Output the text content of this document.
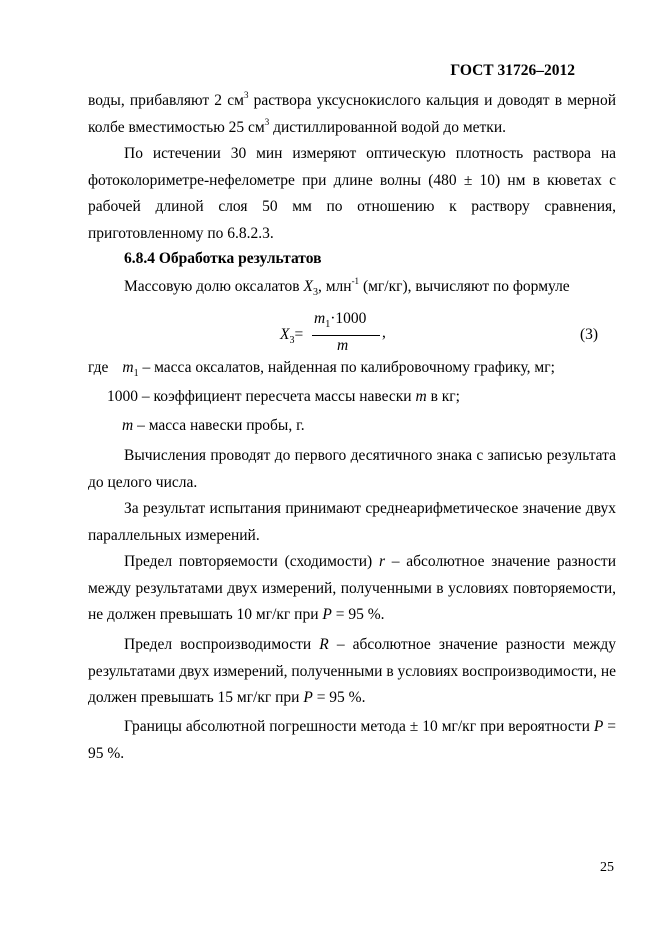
ГОСТ 31726–2012

воды, прибавляют 2 $см^3$ раствора уксуснокислого кальция и доводят в мерной колбе вместимостью 25 $см^3$ дистиллированной водой до метки.

По истечении 30 мин измеряют оптическую плотность раствора на фотоколориметре-нефелометре при длине волны (480 ± 10) нм в кюветах с рабочей длиной слоя 50 мм по отношению к раствору сравнения, приготовленному по 6.8.2.3.

6.8.4 Обработка результатов
Массовую долю оксалатов $X_3$, млн$^{-1}$ (мг/кг), вычисляют по формуле
$X_3=$
$m_1\cdot 1000$
m
,	(3)
где $m_1$ – масса оксалатов, найденная по калибровочному графику, мг;
1000 – коэффициент пересчета массы навески m в кг;
m – масса навески пробы, г.

Вычисления проводят до первого десятичного знака с записью результата до целого числа.

За результат испытания принимают среднеарифметическое значение двух параллельных измерений.

Предел повторяемости (сходимости) r – абсолютное значение разности между результатами двух измерений, полученными в условиях повторяемости, не должен превышать 10 мг/кг при P = 95 %.

Предел воспроизводимости R – абсолютное значение разности между результатами двух измерений, полученными в условиях воспроизводимости, не должен превышать 15 мг/кг при P = 95 %.

Границы абсолютной погрешности метода ± 10 мг/кг при вероятности P = 95 %.

25
